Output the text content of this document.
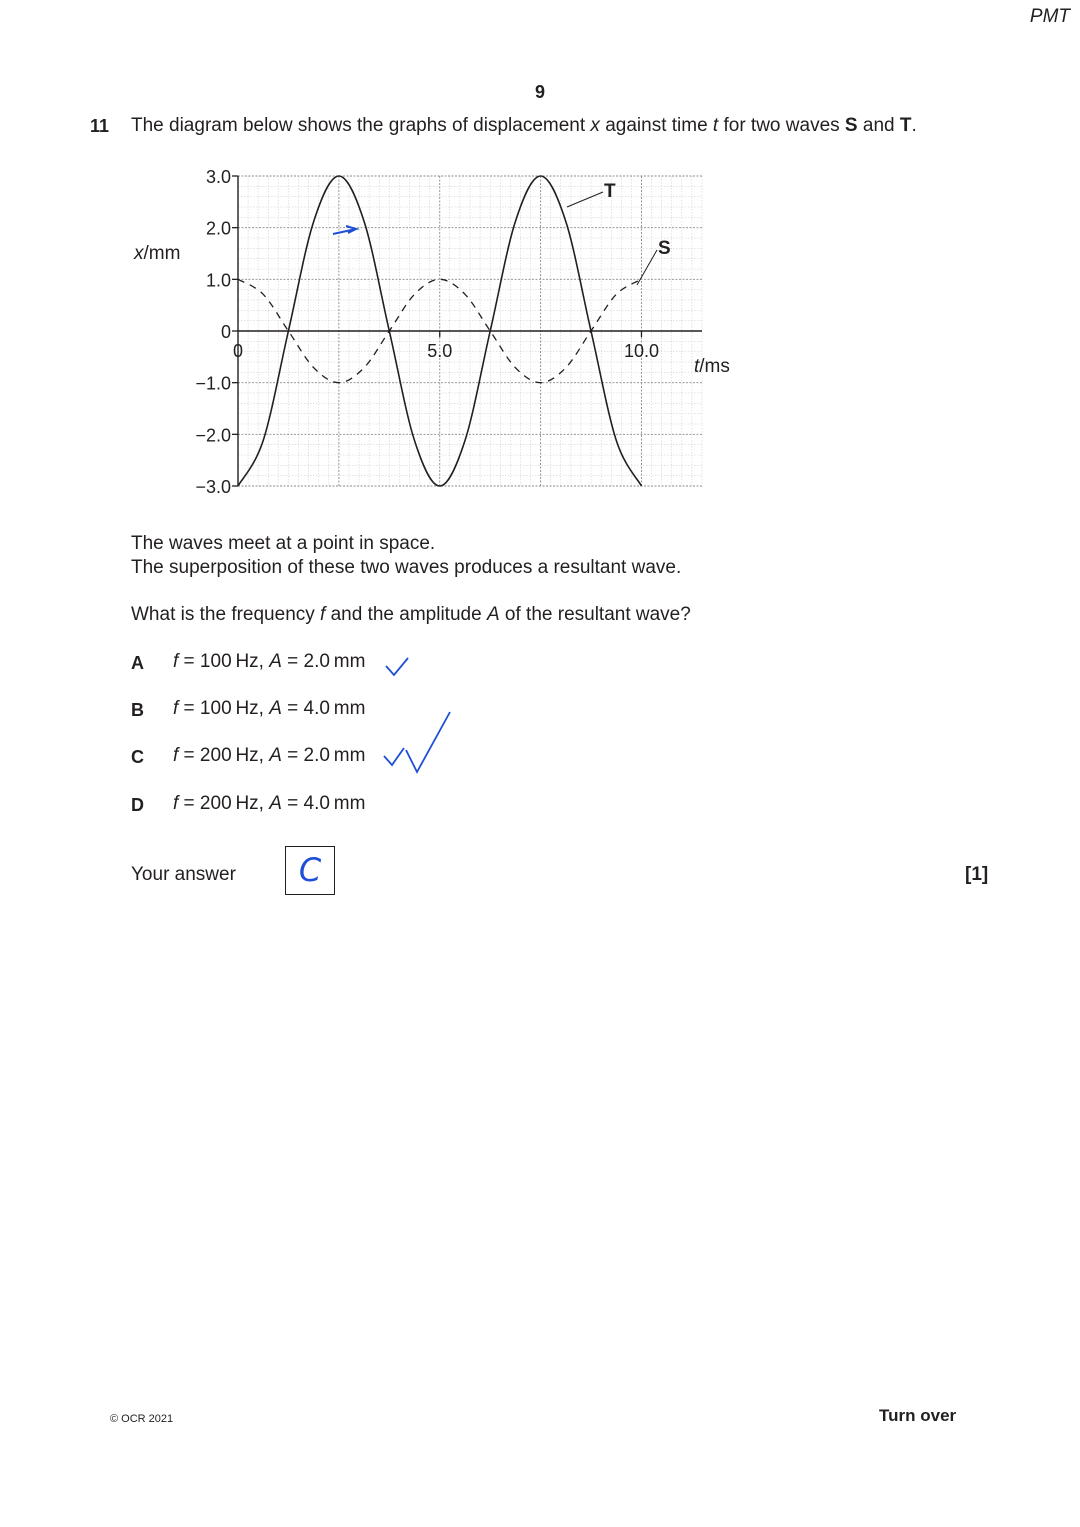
PMT
9
11 The diagram below shows the graphs of displacement x against time t for two waves S and T.
3.0
2.0
1.0
0
−1.0
−2.0
−3.0
0	5.0	10.0
x/mm
t/ms
T
S
The waves meet at a point in space.
The superposition of these two waves produces a resultant wave.
What is the frequency f and the amplitude A of the resultant wave?
A f = 100 Hz, A = 2.0 mm
B f = 100 Hz, A = 4.0 mm
C f = 200 Hz, A = 2.0 mm
D f = 200 Hz, A = 4.0 mm
Your answer	C	[1]
© OCR 2021	Turn over
